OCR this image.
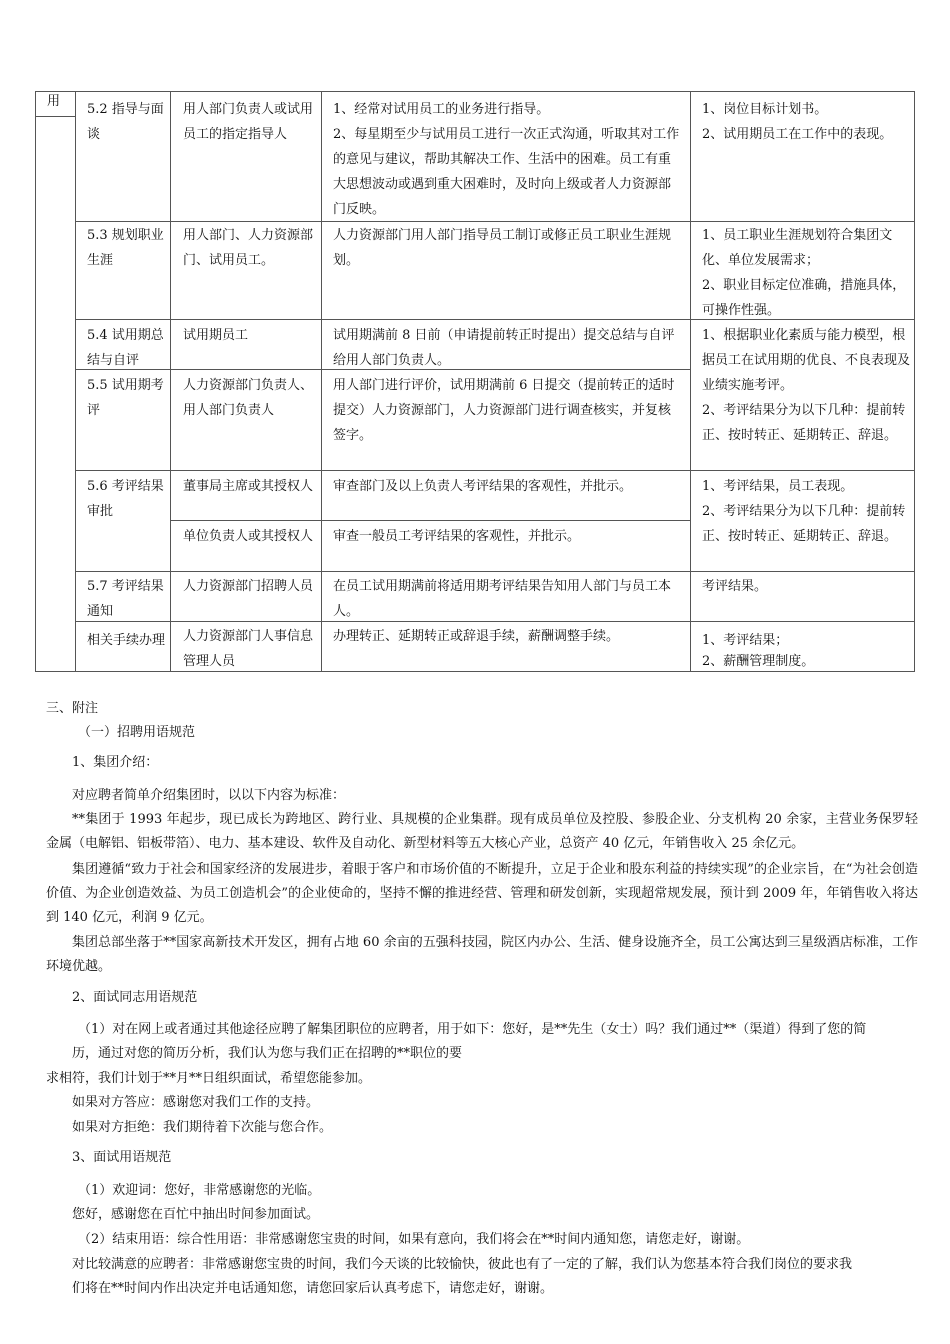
用
5.2 指导与面谈
用人部门负责人或试用员工的指定指导人
1、经常对试用员工的业务进行指导。
2、每星期至少与试用员工进行一次正式沟通，听取其对工作的意见与建议，帮助其解决工作、生活中的困难。员工有重大思想波动或遇到重大困难时，及时向上级或者人力资源部门反映。
1、岗位目标计划书。
2、试用期员工在工作中的表现。
5.3 规划职业生涯
用人部门、人力资源部门、试用员工。
人力资源部门用人部门指导员工制订或修正员工职业生涯规划。
1、员工职业生涯规划符合集团文化、单位发展需求；
2、职业目标定位准确，措施具体，可操作性强。
5.4 试用期总结与自评
试用期员工	试用期满前 8 日前（申请提前转正时提出）提交总结与自评给用人部门负责人。
5.5 试用期考评
人力资源部门负责人、用人部门负责人
用人部门进行评价，试用期满前 6 日提交（提前转正的适时提交）人力资源部门，人力资源部门进行调查核实，并复核签字。
1、根据职业化素质与能力模型，根据员工在试用期的优良、不良表现及业绩实施考评。
2、考评结果分为以下几种：提前转正、按时转正、延期转正、辞退。
5.6 考评结果审批
董事局主席或其授权人 审查部门及以上负责人考评结果的客观性，并批示。
单位负责人或其授权人 审查一般员工考评结果的客观性，并批示。
1、考评结果，员工表现。
2、考评结果分为以下几种：提前转正、按时转正、延期转正、辞退。
5.7 考评结果通知
人力资源部门招聘人员 在员工试用期满前将适用期考评结果告知用人部门与员工本人。
考评结果。
相关手续办理 人力资源部门人事信息管理人员
办理转正、延期转正或辞退手续，薪酬调整手续。	1、考评结果；
2、薪酬管理制度。
三、附注
（一）招聘用语规范
1、集团介绍：
对应聘者简单介绍集团时，以以下内容为标准：
**集团于 1993 年起步，现已成长为跨地区、跨行业、具规模的企业集群。现有成员单位及控股、参股企业、分支机构 20 余家，主营业务保罗轻金属（电解铝、铝板带箔）、电力、基本建设、软件及自动化、新型材料等五大核心产业，总资产 40 亿元，年销售收入 25 余亿元。
集团遵循“致力于社会和国家经济的发展进步，着眼于客户和市场价值的不断提升，立足于企业和股东利益的持续实现”的企业宗旨，在“为社会创造价值、为企业创造效益、为员工创造机会”的企业使命的，坚持不懈的推进经营、管理和研发创新，实现超常规发展，预计到 2009 年，年销售收入将达到 140 亿元，利润 9 亿元。
集团总部坐落于**国家高新技术开发区，拥有占地 60 余亩的五强科技园，院区内办公、生活、健身设施齐全，员工公寓达到三星级酒店标准，工作环境优越。
2、面试同志用语规范
（1）对在网上或者通过其他途径应聘了解集团职位的应聘者，用于如下：您好，是**先生（女士）吗？我们通过**（渠道）得到了您的简
历，通过对您的简历分析，我们认为您与我们正在招聘的**职位的要
求相符，我们计划于**月**日组织面试，希望您能参加。
如果对方答应：感谢您对我们工作的支持。
如果对方拒绝：我们期待着下次能与您合作。
3、面试用语规范
（1）欢迎词：您好，非常感谢您的光临。
您好，感谢您在百忙中抽出时间参加面试。
（2）结束用语：综合性用语：非常感谢您宝贵的时间，如果有意向，我们将会在**时间内通知您，请您走好，谢谢。
对比较满意的应聘者：非常感谢您宝贵的时间，我们今天谈的比较愉快，彼此也有了一定的了解，我们认为您基本符合我们岗位的要求我
们将在**时间内作出决定并电话通知您，请您回家后认真考虑下，请您走好，谢谢。
